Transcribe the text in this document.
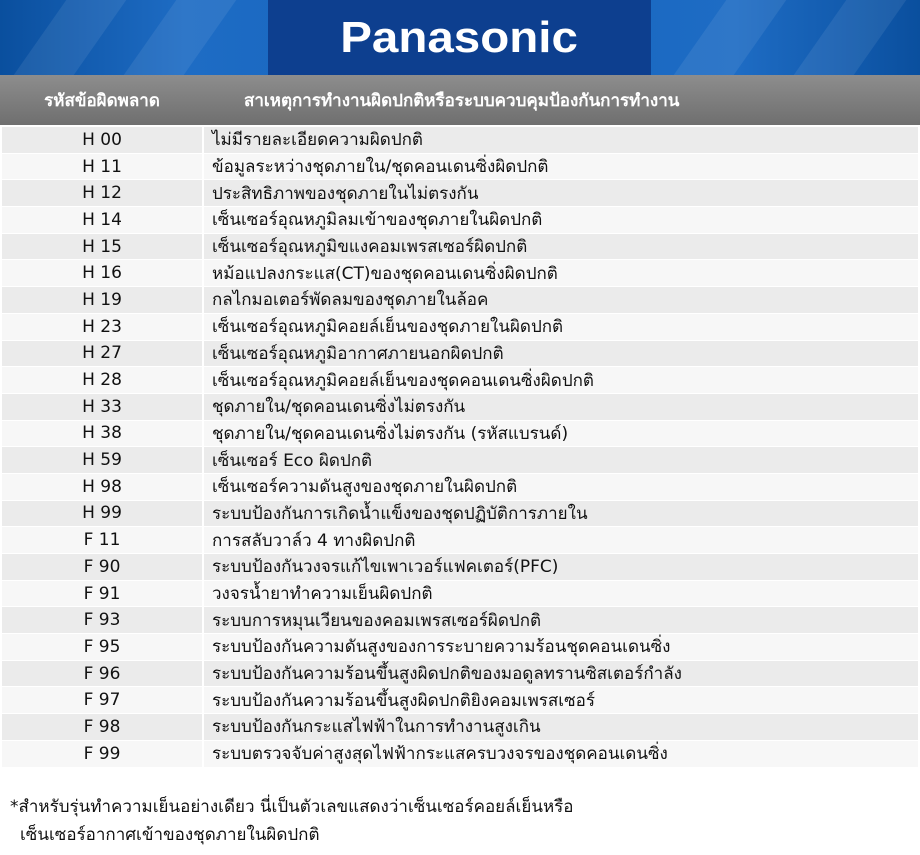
Panasonic
รหัสข้อผิดพลาด	สาเหตุการทำงานผิดปกติหรือระบบควบคุมป้องกันการทำงาน
H 00	ไม่มีรายละเอียดความผิดปกติ
H 11	ข้อมูลระหว่างชุดภายใน/ชุดคอนเดนซิ่งผิดปกติ
H 12	ประสิทธิภาพของชุดภายในไม่ตรงกัน
H 14	เซ็นเซอร์อุณหภูมิลมเข้าของชุดภายในผิดปกติ
H 15	เซ็นเซอร์อุณหภูมิขแงคอมเพรสเซอร์ผิดปกติ
H 16	หม้อแปลงกระแส(CT)ของชุดคอนเดนซิ่งผิดปกติ
H 19	กลไกมอเตอร์พัดลมของชุดภายในล้อค
H 23	เซ็นเซอร์อุณหภูมิคอยล์เย็นของชุดภายในผิดปกติ
H 27	เซ็นเซอร์อุณหภูมิอากาศภายนอกผิดปกติ
H 28	เซ็นเซอร์อุณหภูมิคอยล์เย็นของชุดคอนเดนซิ่งผิดปกติ
H 33	ชุดภายใน/ชุดคอนเดนซิ่งไม่ตรงกัน
H 38	ชุดภายใน/ชุดคอนเดนซิ่งไม่ตรงกัน (รหัสแบรนด์)
H 59	เซ็นเซอร์ Eco ผิดปกติ
H 98	เซ็นเซอร์ความดันสูงของชุดภายในผิดปกติ
H 99	ระบบป้องกันการเกิดน้ำแข็งของชุดปฏิบัติการภายใน
F 11	การสลับวาล์ว 4 ทางผิดปกติ
F 90	ระบบป้องกันวงจรแก้ไขเพาเวอร์แฟคเตอร์(PFC)
F 91	วงจรน้ำยาทำความเย็นผิดปกติ
F 93	ระบบการหมุนเวียนของคอมเพรสเซอร์ผิดปกติ
F 95	ระบบป้องกันความดันสูงของการระบายความร้อนชุดคอนเดนซิ่ง
F 96	ระบบป้องกันความร้อนขึ้นสูงผิดปกติของมอดูลทรานซิสเตอร์กำลัง
F 97	ระบบป้องกันความร้อนขึ้นสูงผิดปกติยิงคอมเพรสเซอร์
F 98	ระบบป้องกันกระแสไฟฟ้าในการทำงานสูงเกิน
F 99	ระบบตรวจจับค่าสูงสุดไฟฟ้ากระแสครบวงจรของชุดคอนเดนซิ่ง
*สำหรับรุ่นทำความเย็นอย่างเดียว นี่เป็นตัวเลขแสดงว่าเซ็นเซอร์คอยล์เย็นหรือ
เซ็นเซอร์อากาศเข้าของชุดภายในผิดปกติ
